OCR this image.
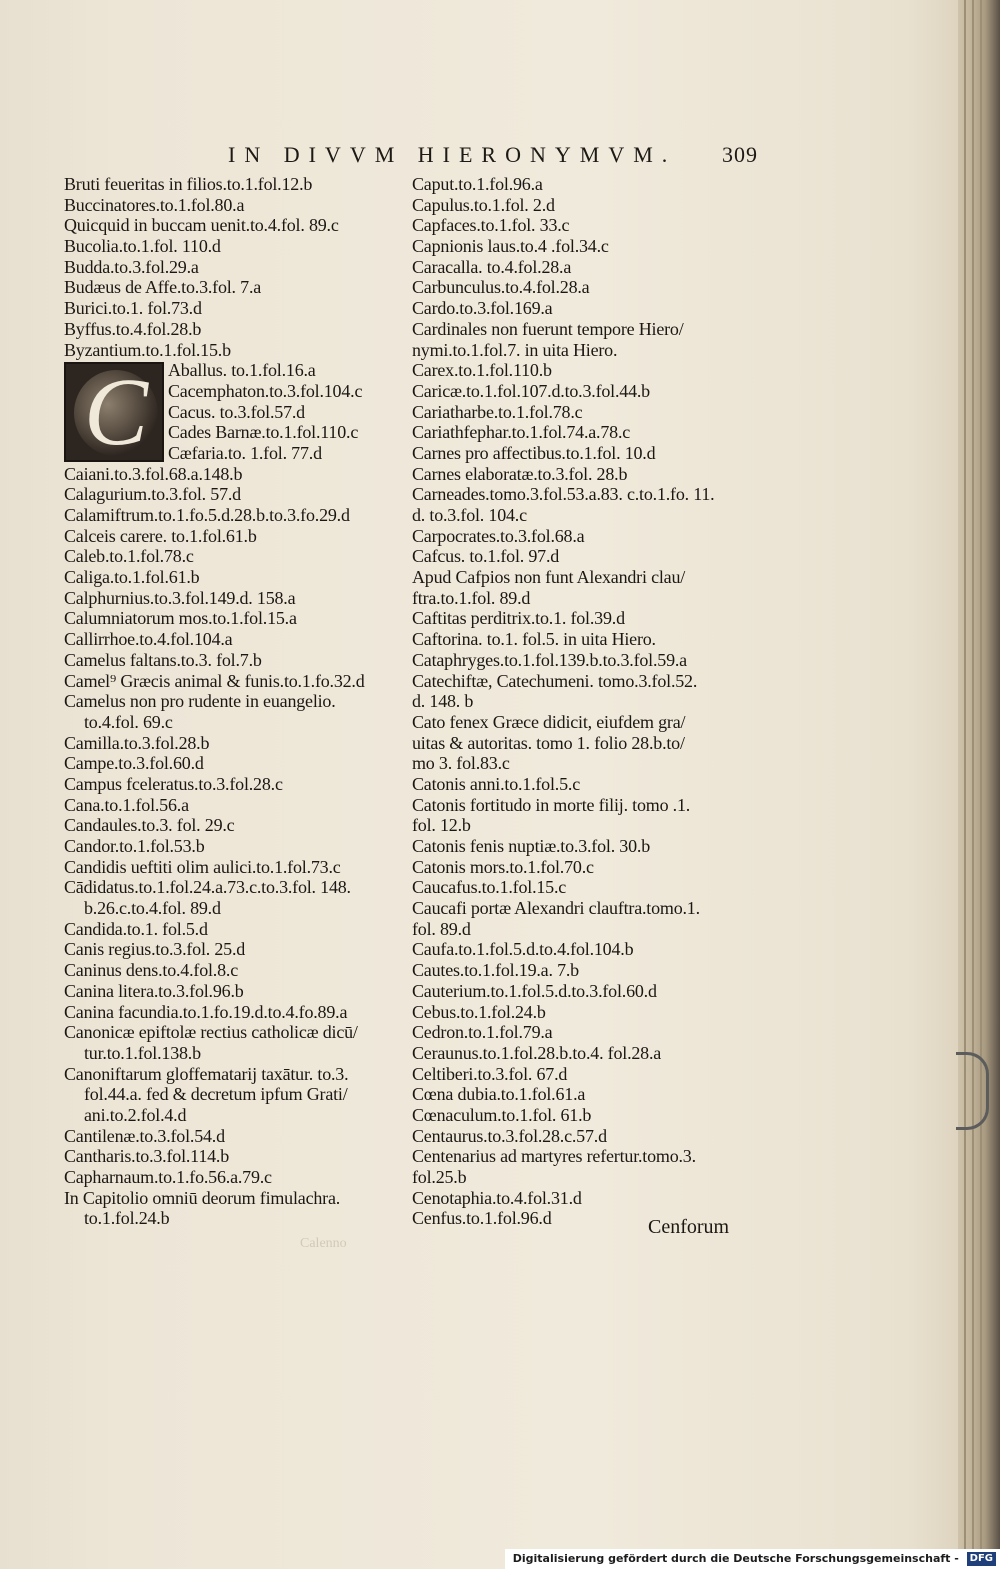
IN DIVVM HIERONYMVM. 309
C
Bruti feueritas in filios.to.1.fol.12.b
Buccinatores.to.1.fol.80.a
Quicquid in buccam uenit.to.4.fol. 89.c
Bucolia.to.1.fol. 110.d
Budda.to.3.fol.29.a
Budæus de Affe.to.3.fol. 7.a
Burici.to.1. fol.73.d
Byffus.to.4.fol.28.b
Byzantium.to.1.fol.15.b
Aballus. to.1.fol.16.a
Cacemphaton.to.3.fol.104.c
Cacus. to.3.fol.57.d
Cades Barnæ.to.1.fol.110.c
Cæfaria.to. 1.fol. 77.d
Caiani.to.3.fol.68.a.148.b
Calagurium.to.3.fol. 57.d
Calamiftrum.to.1.fo.5.d.28.b.to.3.fo.29.d
Calceis carere. to.1.fol.61.b
Caleb.to.1.fol.78.c
Caliga.to.1.fol.61.b
Calphurnius.to.3.fol.149.d. 158.a
Calumniatorum mos.to.1.fol.15.a
Callirrhoe.to.4.fol.104.a
Camelus faltans.to.3. fol.7.b
Camel⁹ Græcis animal & funis.to.1.fo.32.d
Camelus non pro rudente in euangelio.
to.4.fol. 69.c
Camilla.to.3.fol.28.b
Campe.to.3.fol.60.d
Campus fceleratus.to.3.fol.28.c
Cana.to.1.fol.56.a
Candaules.to.3. fol. 29.c
Candor.to.1.fol.53.b
Candidis ueftiti olim aulici.to.1.fol.73.c
Cādidatus.to.1.fol.24.a.73.c.to.3.fol. 148.
b.26.c.to.4.fol. 89.d
Candida.to.1. fol.5.d
Canis regius.to.3.fol. 25.d
Caninus dens.to.4.fol.8.c
Canina litera.to.3.fol.96.b
Canina facundia.to.1.fo.19.d.to.4.fo.89.a
Canonicæ epiftolæ rectius catholicæ dicū/
tur.to.1.fol.138.b
Canoniftarum gloffematarij taxātur. to.3.
fol.44.a. fed & decretum ipfum Grati/
ani.to.2.fol.4.d
Cantilenæ.to.3.fol.54.d
Cantharis.to.3.fol.114.b
Capharnaum.to.1.fo.56.a.79.c
In Capitolio omniū deorum fimulachra.
to.1.fol.24.b
Caput.to.1.fol.96.a
Capulus.to.1.fol. 2.d
Capfaces.to.1.fol. 33.c
Capnionis laus.to.4 .fol.34.c
Caracalla. to.4.fol.28.a
Carbunculus.to.4.fol.28.a
Cardo.to.3.fol.169.a
Cardinales non fuerunt tempore Hiero/
nymi.to.1.fol.7. in uita Hiero.
Carex.to.1.fol.110.b
Caricæ.to.1.fol.107.d.to.3.fol.44.b
Cariatharbe.to.1.fol.78.c
Cariathfephar.to.1.fol.74.a.78.c
Carnes pro affectibus.to.1.fol. 10.d
Carnes elaboratæ.to.3.fol. 28.b
Carneades.tomo.3.fol.53.a.83. c.to.1.fo. 11.
d. to.3.fol. 104.c
Carpocrates.to.3.fol.68.a
Cafcus. to.1.fol. 97.d
Apud Cafpios non funt Alexandri clau/
ftra.to.1.fol. 89.d
Caftitas perditrix.to.1. fol.39.d
Caftorina. to.1. fol.5. in uita Hiero.
Cataphryges.to.1.fol.139.b.to.3.fol.59.a
Catechiftæ, Catechumeni. tomo.3.fol.52.
d. 148. b
Cato fenex Græce didicit, eiufdem gra/
uitas & autoritas. tomo 1. folio 28.b.to/
mo 3. fol.83.c
Catonis anni.to.1.fol.5.c
Catonis fortitudo in morte filij. tomo .1.
fol. 12.b
Catonis fenis nuptiæ.to.3.fol. 30.b
Catonis mors.to.1.fol.70.c
Caucafus.to.1.fol.15.c
Caucafi portæ Alexandri clauftra.tomo.1.
fol. 89.d
Caufa.to.1.fol.5.d.to.4.fol.104.b
Cautes.to.1.fol.19.a. 7.b
Cauterium.to.1.fol.5.d.to.3.fol.60.d
Cebus.to.1.fol.24.b
Cedron.to.1.fol.79.a
Ceraunus.to.1.fol.28.b.to.4. fol.28.a
Celtiberi.to.3.fol. 67.d
Cœna dubia.to.1.fol.61.a
Cœnaculum.to.1.fol. 61.b
Centaurus.to.3.fol.28.c.57.d
Centenarius ad martyres refertur.tomo.3.
fol.25.b
Cenotaphia.to.4.fol.31.d
Cenfus.to.1.fol.96.d	Cenforum
Calenno
Digitalisierung gefördert durch die Deutsche Forschungsgemeinschaft - DFG
